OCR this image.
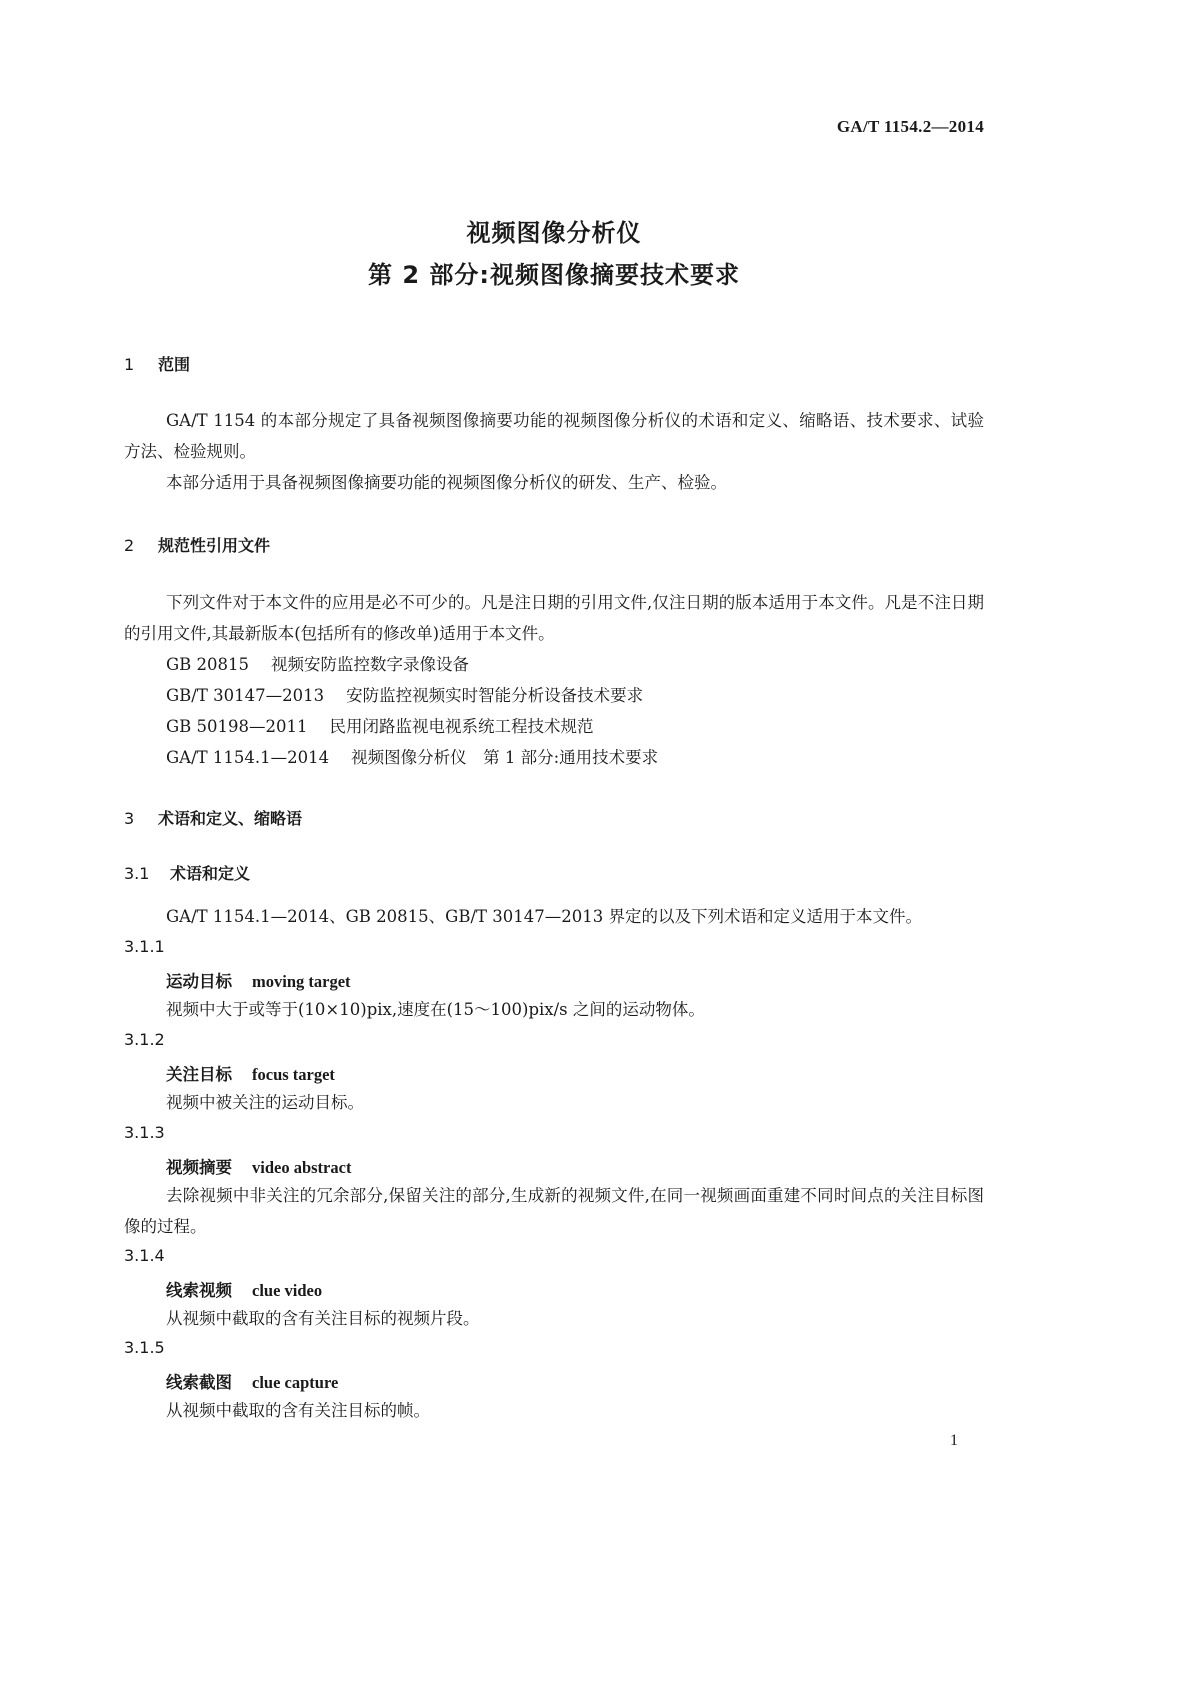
GA/T 1154.2—2014
视频图像分析仪
第 2 部分:视频图像摘要技术要求
1 范围
GA/T 1154 的本部分规定了具备视频图像摘要功能的视频图像分析仪的术语和定义、缩略语、技术要求、试验方法、检验规则。
本部分适用于具备视频图像摘要功能的视频图像分析仪的研发、生产、检验。
2 规范性引用文件
下列文件对于本文件的应用是必不可少的。凡是注日期的引用文件,仅注日期的版本适用于本文件。凡是不注日期的引用文件,其最新版本(包括所有的修改单)适用于本文件。
GB 20815 视频安防监控数字录像设备
GB/T 30147—2013 安防监控视频实时智能分析设备技术要求
GB 50198—2011 民用闭路监视电视系统工程技术规范
GA/T 1154.1—2014 视频图像分析仪　第 1 部分:通用技术要求
3 术语和定义、缩略语
3.1 术语和定义
GA/T 1154.1—2014、GB 20815、GB/T 30147—2013 界定的以及下列术语和定义适用于本文件。
3.1.1
运动目标 moving target
视频中大于或等于(10×10)pix,速度在(15～100)pix/s 之间的运动物体。
3.1.2
关注目标 focus target
视频中被关注的运动目标。
3.1.3
视频摘要 video abstract
去除视频中非关注的冗余部分,保留关注的部分,生成新的视频文件,在同一视频画面重建不同时间点的关注目标图像的过程。
3.1.4
线索视频 clue video
从视频中截取的含有关注目标的视频片段。
3.1.5
线索截图 clue capture
从视频中截取的含有关注目标的帧。
1
